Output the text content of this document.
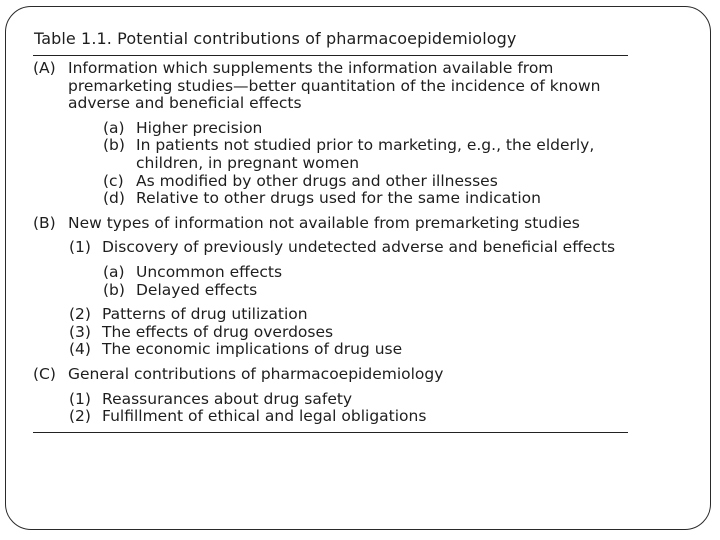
Table 1.1. Potential contributions of pharmacoepidemiology
(A) Information which supplements the information available from premarketing studies—better quantitation of the incidence of known adverse and beneficial effects
(a) Higher precision
(b) In patients not studied prior to marketing, e.g., the elderly, children, in pregnant women
(c) As modified by other drugs and other illnesses
(d) Relative to other drugs used for the same indication
(B) New types of information not available from premarketing studies
(1) Discovery of previously undetected adverse and beneficial effects
(a) Uncommon effects
(b) Delayed effects
(2) Patterns of drug utilization
(3) The effects of drug overdoses
(4) The economic implications of drug use
(C) General contributions of pharmacoepidemiology
(1) Reassurances about drug safety
(2) Fulfillment of ethical and legal obligations
